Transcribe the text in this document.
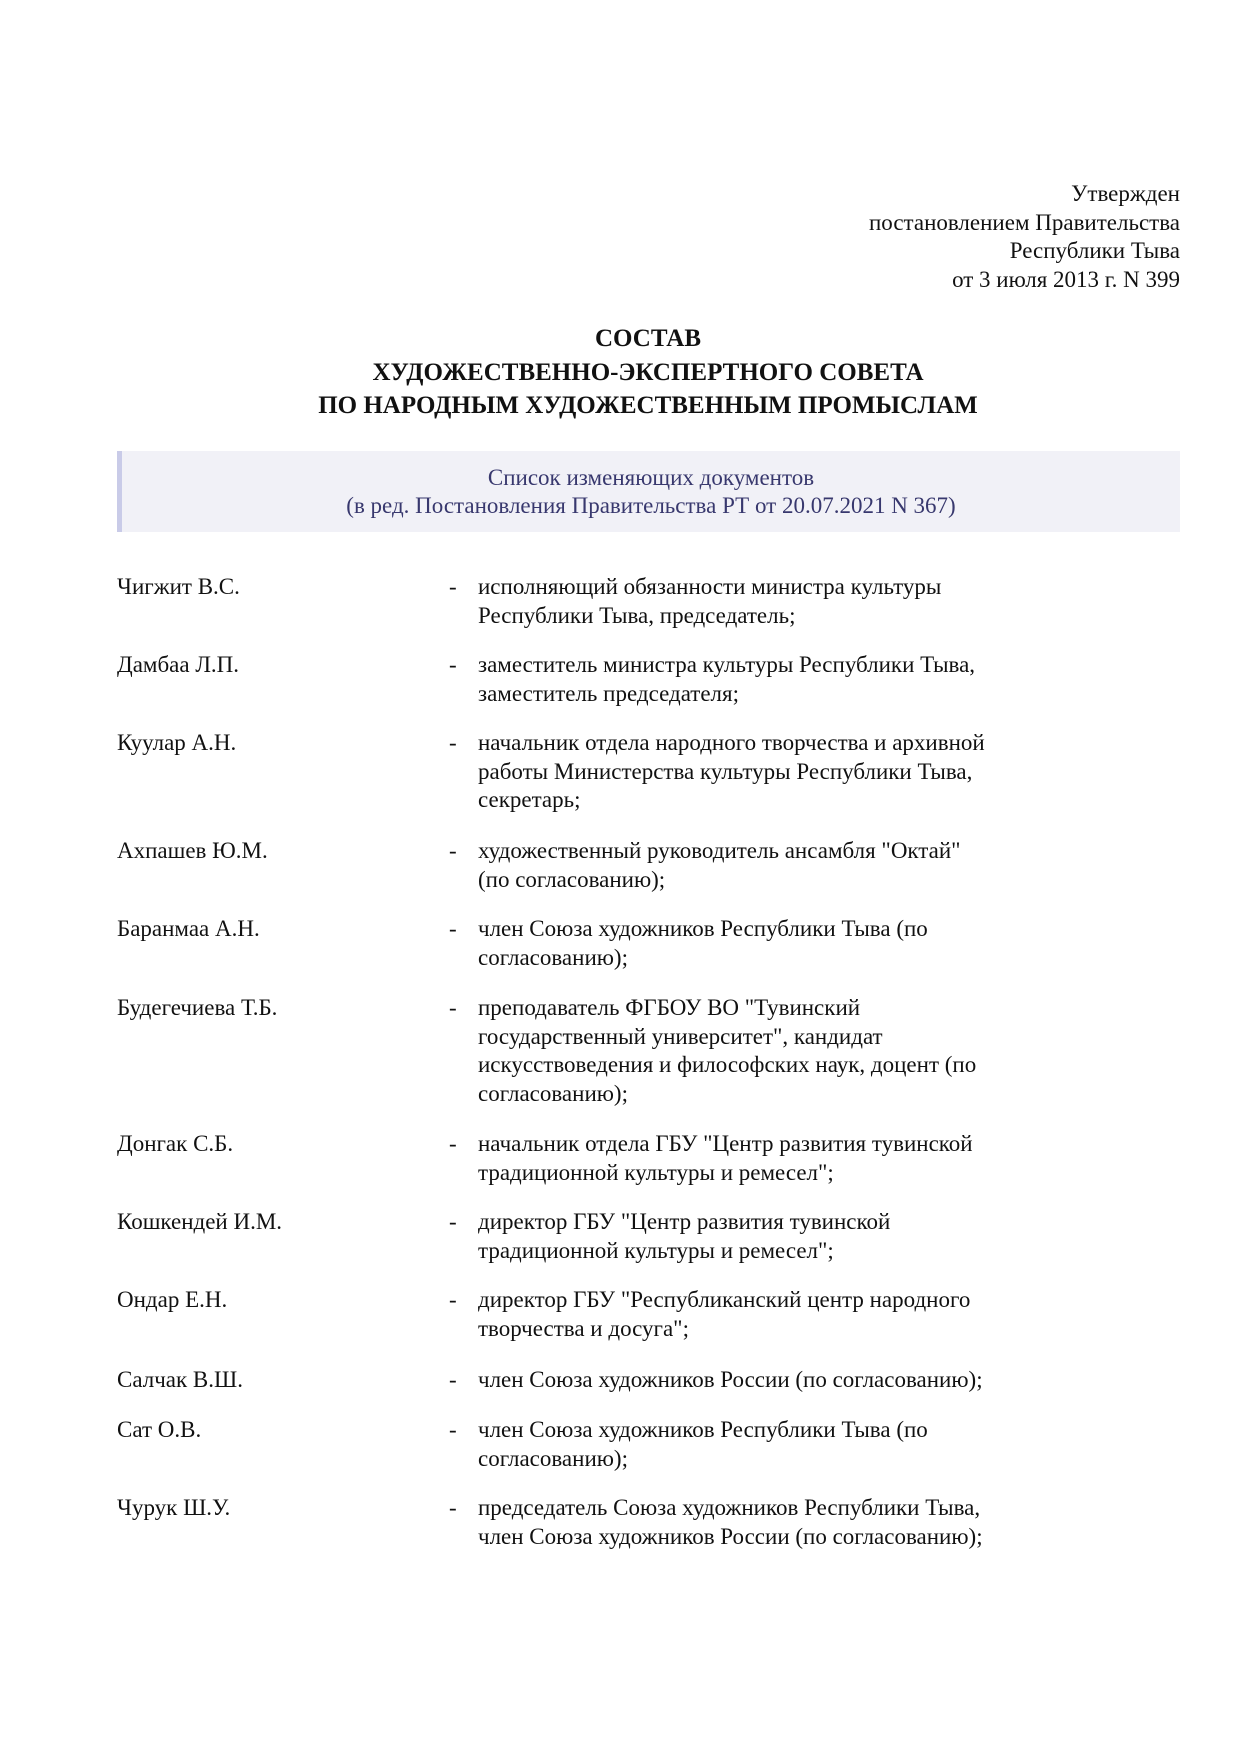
Утвержден
постановлением Правительства
Республики Тыва
от 3 июля 2013 г. N 399
СОСТАВ
ХУДОЖЕСТВЕННО-ЭКСПЕРТНОГО СОВЕТА
ПО НАРОДНЫМ ХУДОЖЕСТВЕННЫМ ПРОМЫСЛАМ
Список изменяющих документов
(в ред. Постановления Правительства РТ от 20.07.2021 N 367)
Чигжит В.С.	- исполняющий обязанности министра культуры
Республики Тыва, председатель;
Дамбаа Л.П.	- заместитель министра культуры Республики Тыва,
заместитель председателя;
Куулар А.Н.	- начальник отдела народного творчества и архивной
работы Министерства культуры Республики Тыва,
секретарь;
Ахпашев Ю.М.	- художественный руководитель ансамбля "Октай"
(по согласованию);
Баранмаа А.Н.	- член Союза художников Республики Тыва (по
согласованию);
Будегечиева Т.Б.	- преподаватель ФГБОУ ВО "Тувинский
государственный университет", кандидат
искусствоведения и философских наук, доцент (по
согласованию);
Донгак С.Б.	- начальник отдела ГБУ "Центр развития тувинской
традиционной культуры и ремесел";
Кошкендей И.М.	- директор ГБУ "Центр развития тувинской
традиционной культуры и ремесел";
Ондар Е.Н.	- директор ГБУ "Республиканский центр народного
творчества и досуга";
Салчак В.Ш.	- член Союза художников России (по согласованию);
Сат О.В.	- член Союза художников Республики Тыва (по
согласованию);
Чурук Ш.У.	- председатель Союза художников Республики Тыва,
член Союза художников России (по согласованию);
